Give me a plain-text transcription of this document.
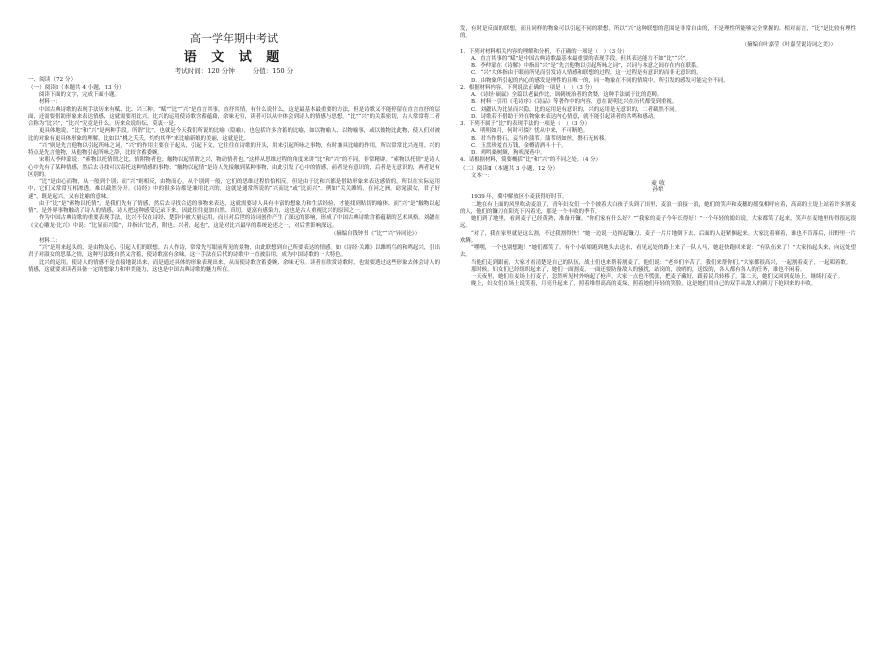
高一学年期中考试
语 文 试 题
考试时间：120 分钟	分值：150 分

一、阅读（72 分）

（一）阅读Ⅰ（本题共 4 小题，13 分）

阅读下面的文字，完成下面小题。

材料一：

中国古典诗歌的表现手法历来有赋、比、兴三种。“赋”“比”“兴”是直言其事，直抒其情，有什么说什么，这是最基本最重要的方法，但是诗歌又不能停留在直言直抒的层面，还需要借助形象来表达情感，这就需要用比兴。比兴的运用使诗歌含蓄蕴藉，余味无穷，读者可以从中体会到诗人的情感与思想。“比”“兴”的关系密切，古人常常将二者合称为“比兴”，“比兴”究竟是什么，历来众说纷纭，莫衷一是。

更具体地说，“比”和“兴”是两种手段。所谓“比”，也就是今天我们所说的比喻（隐喻），也包括许多含蓄的比喻，如以物喻人、以物喻事，或以彼物比此物，使人们对被比的对象有更具体形象的理解，比如以“桃之夭夭，灼灼其华”来比喻新娘的美丽，这就是比。

“兴”则是先言他物以引起所咏之词，“兴”的作用主要在于起头，引起下文，它往往在诗歌的开头，用来引起所咏之事物，有时兼具比喻的作用，所以常常比兴连用。兴的特点是先言他物，从他物引起所咏之辞，比较含蓄委婉。

宋朝人李仲蒙说：“索物以托情谓之比，情附物者也；触物以起情谓之兴，物动情者也。”这样从思维过程的角度来讲“比”和“兴”的不同，非常精辟。“索物以托情”是诗人心中先有了某种情感，然后去寻找可以寄托这种情感的事物；“触物以起情”是诗人先接触到某种事物，由此引发了心中的情感，前者是有意识的，后者是无意识的，两者是有区别的。

“比”是由心而物，从一般到个别；而“兴”则相反，由物而心，从个别到一般，它们的思维过程恰恰相反。但是由于比和兴都是借助形象来表达感情的，所以在实际运用中，它们又常常互相渗透，难以截然分开。《诗经》中的很多诗都是兼用比兴的，这就是通常所说的“兴而比”或“比而兴”。例如“关关雎鸠，在河之洲。窈窕淑女，君子好逑”，既是起兴，又有比喻的意味。

由于“比”是“索物以托情”，是我们先有了情感，然后去寻找合适的事物来表达，这就需要诗人具有丰富的想象力和生活经验，才能找到贴切的喻体。而“兴”是“触物以起情”，是外界事物触动了诗人的情感，诗人把这种感受记录下来，因此往往更加自然、真切，更富有感染力，这也是古人重视比兴的原因之一。

作为中国古典诗歌的重要表现手法，比兴不仅在诗经、楚辞中被大量运用，而且对后世的诗词创作产生了深远的影响，形成了中国古典诗歌含蓄蕴藉的艺术风格。刘勰在《文心雕龙·比兴》中说：“比显而兴隐”，并指出“比者，附也；兴者，起也”，这是对比兴最早的系统论述之一，对后世影响深远。

（摘编自钱钟书《“比”“兴”异同论》）

材料二：

“兴”是用来起头的，是由物及心，引起人们的联想。古人作诗，常常先写眼前所见的景物，由此联想到自己所要表达的情感。如《诗经·关雎》以雎鸠鸟的和鸣起兴，引出君子对淑女的思慕之情，这种写法既自然又含蓄，使诗歌富有余味。这一手法在后代的诗歌中一直被沿用，成为中国诗歌的一大特色。

比兴的运用，使诗人的情感不是直接地说出来，而是通过具体的形象表现出来，从而使诗歌含蓄委婉、余味无穷。读者在欣赏诗歌时，也需要透过这些形象去体会诗人的情感，这就要求读者具备一定的想象力和审美能力，这也是中国古典诗歌的魅力所在。

发，有时是反面的联想，而且同样的物象可以引起不同的联想，所以“兴”这种联想的范围是非常自由的，不是理性所能够完全掌握的。相对而言，“比”是比较有理性的。

（摘编自叶嘉莹《叶嘉莹说诗词之美》）

1．下列对材料相关内容的理解和分析，不正确的一项是（　）（3 分）

A．直言其事的“赋”是中国古典诗歌最基本最重要的表现手段，但其表达能力不如“比”“兴”。

B．李仲蒙在《诗解》中指出“兴”是“先言他物以引起所咏之词”，兴词与本意之间存在内在联系。

C．“兴”大体指由于眼前所见而引发诗人情感和联想的过程，这一过程是有意识的而非无意识的。

D．由物象所引起的内心的感发是理性的且唯一的，同一物象在不同的情境中，所引发的感发可能完全不同。

2．根据材料内容，下列说法正确的一项是（　）（3 分）

A．《诗经·硕鼠》全篇以老鼠作比，讽刺统治者的贪婪，这种手法属于比的范畴。

B．材料一引用《毛诗序》《诗品》等著作中的内容，意在说明比兴在历代都受到重视。

C．刘勰认为比显而兴隐，比的运用是有意识的，兴的运用是无意识的，二者截然不同。

D．诗歌若不借助于外在物象来表达内心情意，就不能引起读者的共鸣和感动。

3．下列不属于“比”的表现手法的一项是（　）（3 分）

A．明明如月，何时可掇？忧从中来，不可断绝。

B．君当作磐石，妾当作蒲苇。蒲苇纫如丝，磐石无转移。

C．玉盘珍羞直万钱，金樽清酒斗十千。

D．鸡鸣桑树颠，狗吠深巷中。

4．请根据材料，简要概括“比”和“兴”的不同之处。（4 分）

（二）阅读Ⅱ（本题共 3 小题，12 分）

文本一：

麦 收

孙犁

1939 年，冀中解放区小麦获得好时节。

二地在有上面的风里吹动麦浪了，青年妇女们一个个披着大白孩子头到了田里，麦浪一浪接一浪，她们的笑声和麦穗的摇曳相呼应着，高高的土堤上站着许多割麦的人，他们的镰刀在阳光下闪着光，那是一个丰收的季节。

她们到了地里，看到麦子已经黄熟，准备开镰。“你们家有什么好？”“我家的麦子今年长得好！”一个年轻的媳妇说，大家都笑了起来，笑声在麦地里传得很远很远。

“对了，我在家里就是这么割，不过我割得快！”她一边说一边挥起镰刀，麦子一片片地倒下去，后面的人赶紧捆起来。大家比着赛着，谁也不肯落后，田野里一片欢腾。

“嘿嘿，一个也别想跑！”她们都笑了。有个小姑娘跑到地头去送水，看见远处的路上来了一队人马，她赶快跑回来说：“有队伍来了！”大家抬起头来，向远处望去。

当他们走到跟前，大家才看清楚是自己的队伍，战士们也来帮着割麦了。他们说：“老乡们辛苦了，我们来帮你们。”大家都很高兴，一起割着麦子，一起唱着歌。

那时候，妇女们已经组织起来了，她们一面割麦，一面还要防备敌人的骚扰，站岗的，放哨的，送饭的，各人都有各人的任务，谁也不闲着。

一天夜里，她们在麦场上打麦子，忽然听见村外响起了枪声，大家一点也不慌张，把麦子藏好，跟着民兵转移了。第二天，她们又回到麦场上，继续打麦子。

晚上，妇女们在场上说笑着，月亮升起来了，照着堆得高高的麦垛，照着她们年轻的笑脸，这是她们用自己的双手从敌人的刺刀下抢回来的丰收。
